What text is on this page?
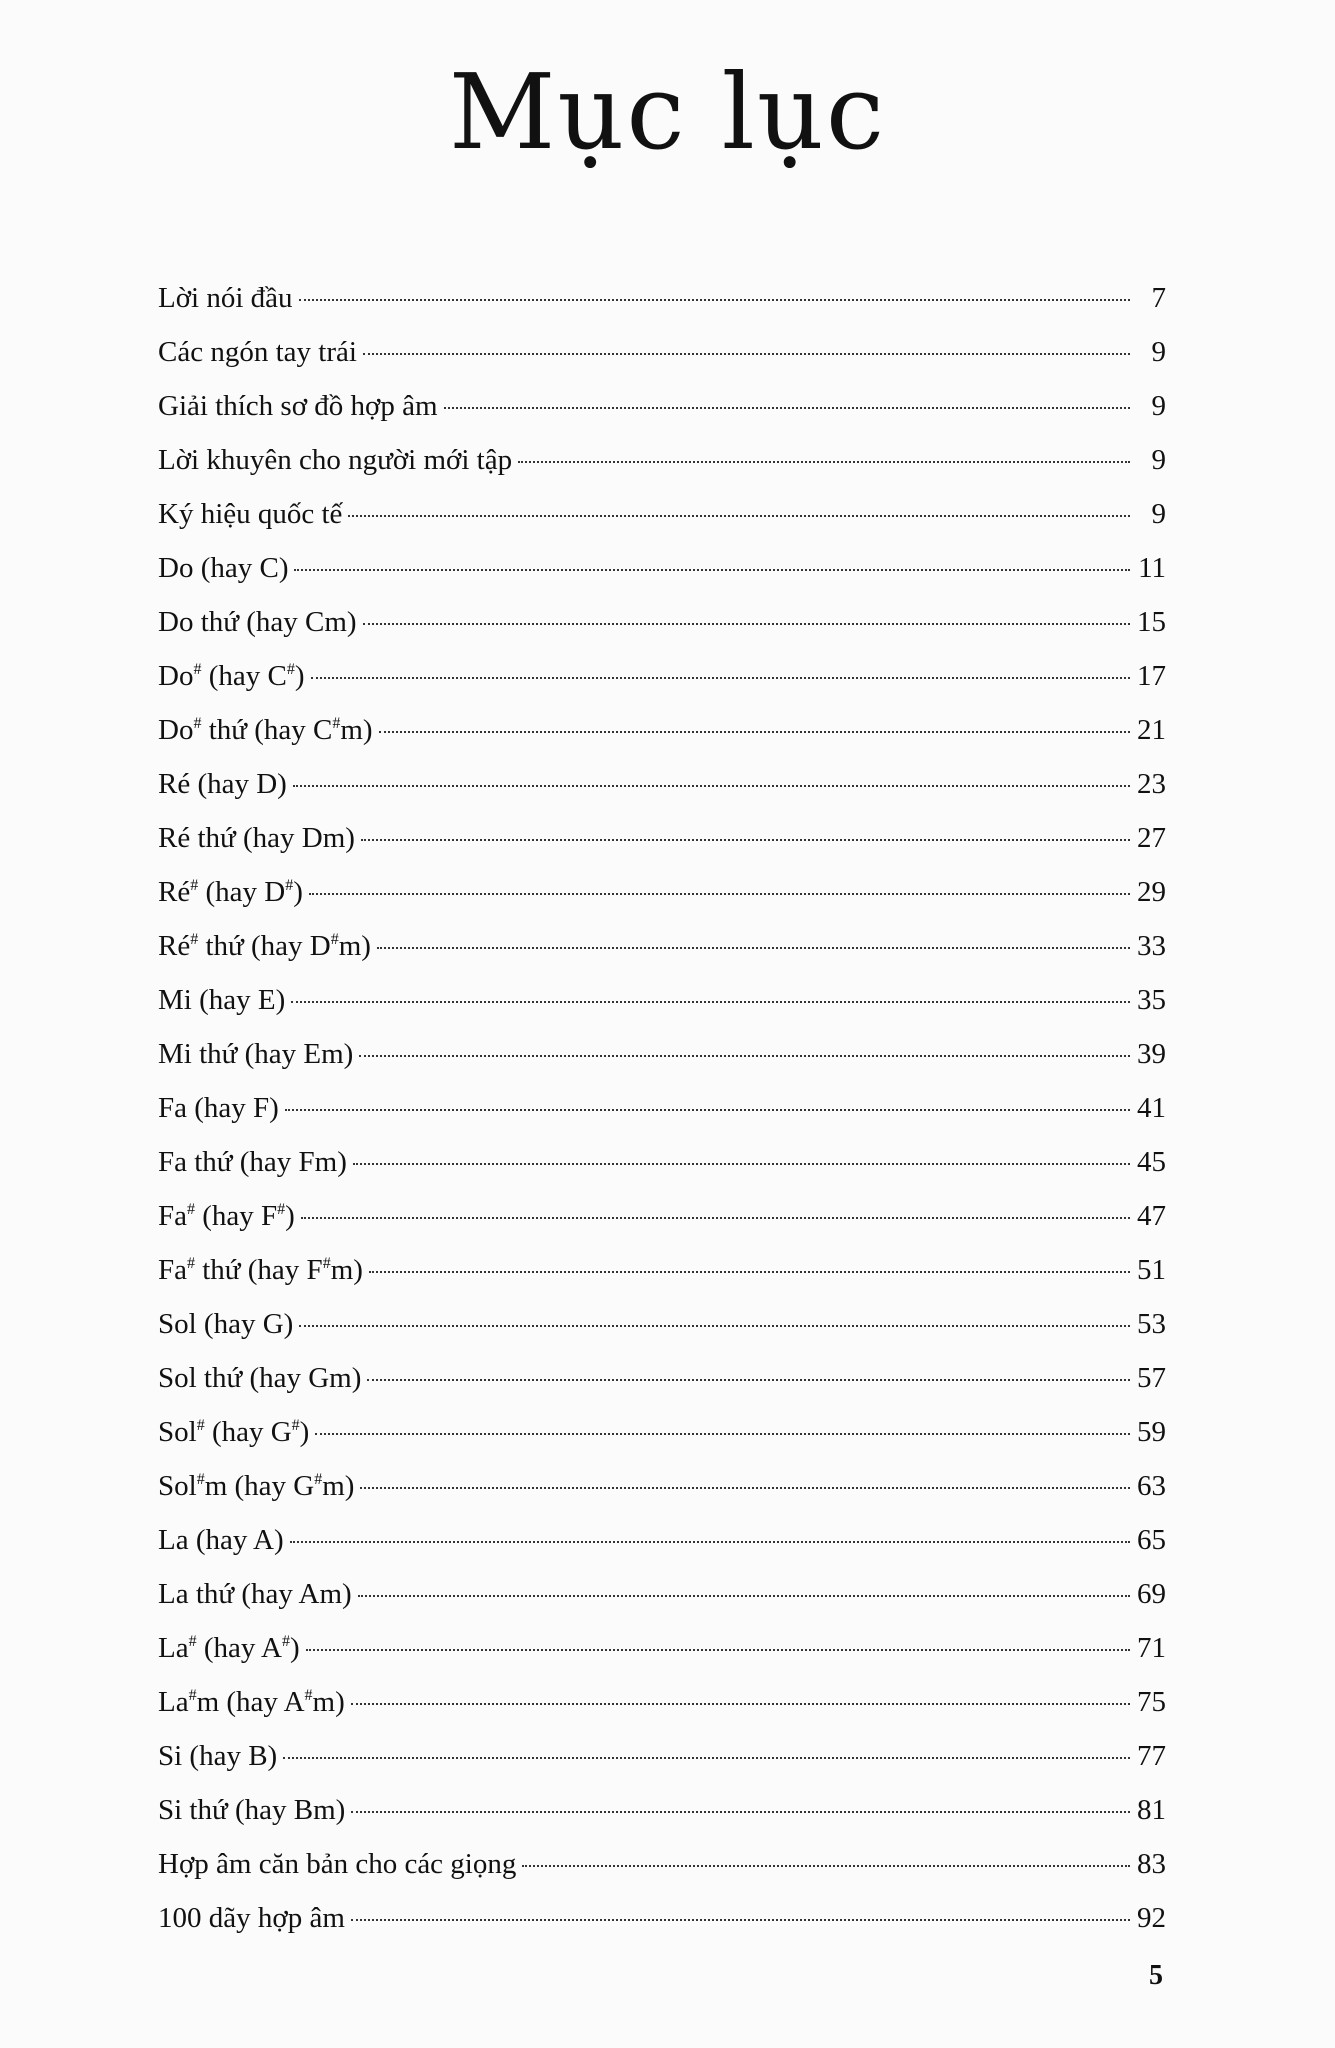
Mục lục
Lời nói đầu	7
Các ngón tay trái	9
Giải thích sơ đồ hợp âm	9
Lời khuyên cho người mới tập	9
Ký hiệu quốc tế	9
Do (hay C)	11
Do thứ (hay Cm)	15
Do# (hay C#)	17
Do# thứ (hay C#m)	21
Ré (hay D)	23
Ré thứ (hay Dm)	27
Ré# (hay D#)	29
Ré# thứ (hay D#m)	33
Mi (hay E)	35
Mi thứ (hay Em)	39
Fa (hay F)	41
Fa thứ (hay Fm)	45
Fa# (hay F#)	47
Fa# thứ (hay F#m)	51
Sol (hay G)	53
Sol thứ (hay Gm)	57
Sol# (hay G#)	59
Sol#m (hay G#m)	63
La (hay A)	65
La thứ (hay Am)	69
La# (hay A#)	71
La#m (hay A#m)	75
Si (hay B)	77
Si thứ (hay Bm)	81
Hợp âm căn bản cho các giọng	83
100 dãy hợp âm	92
5
